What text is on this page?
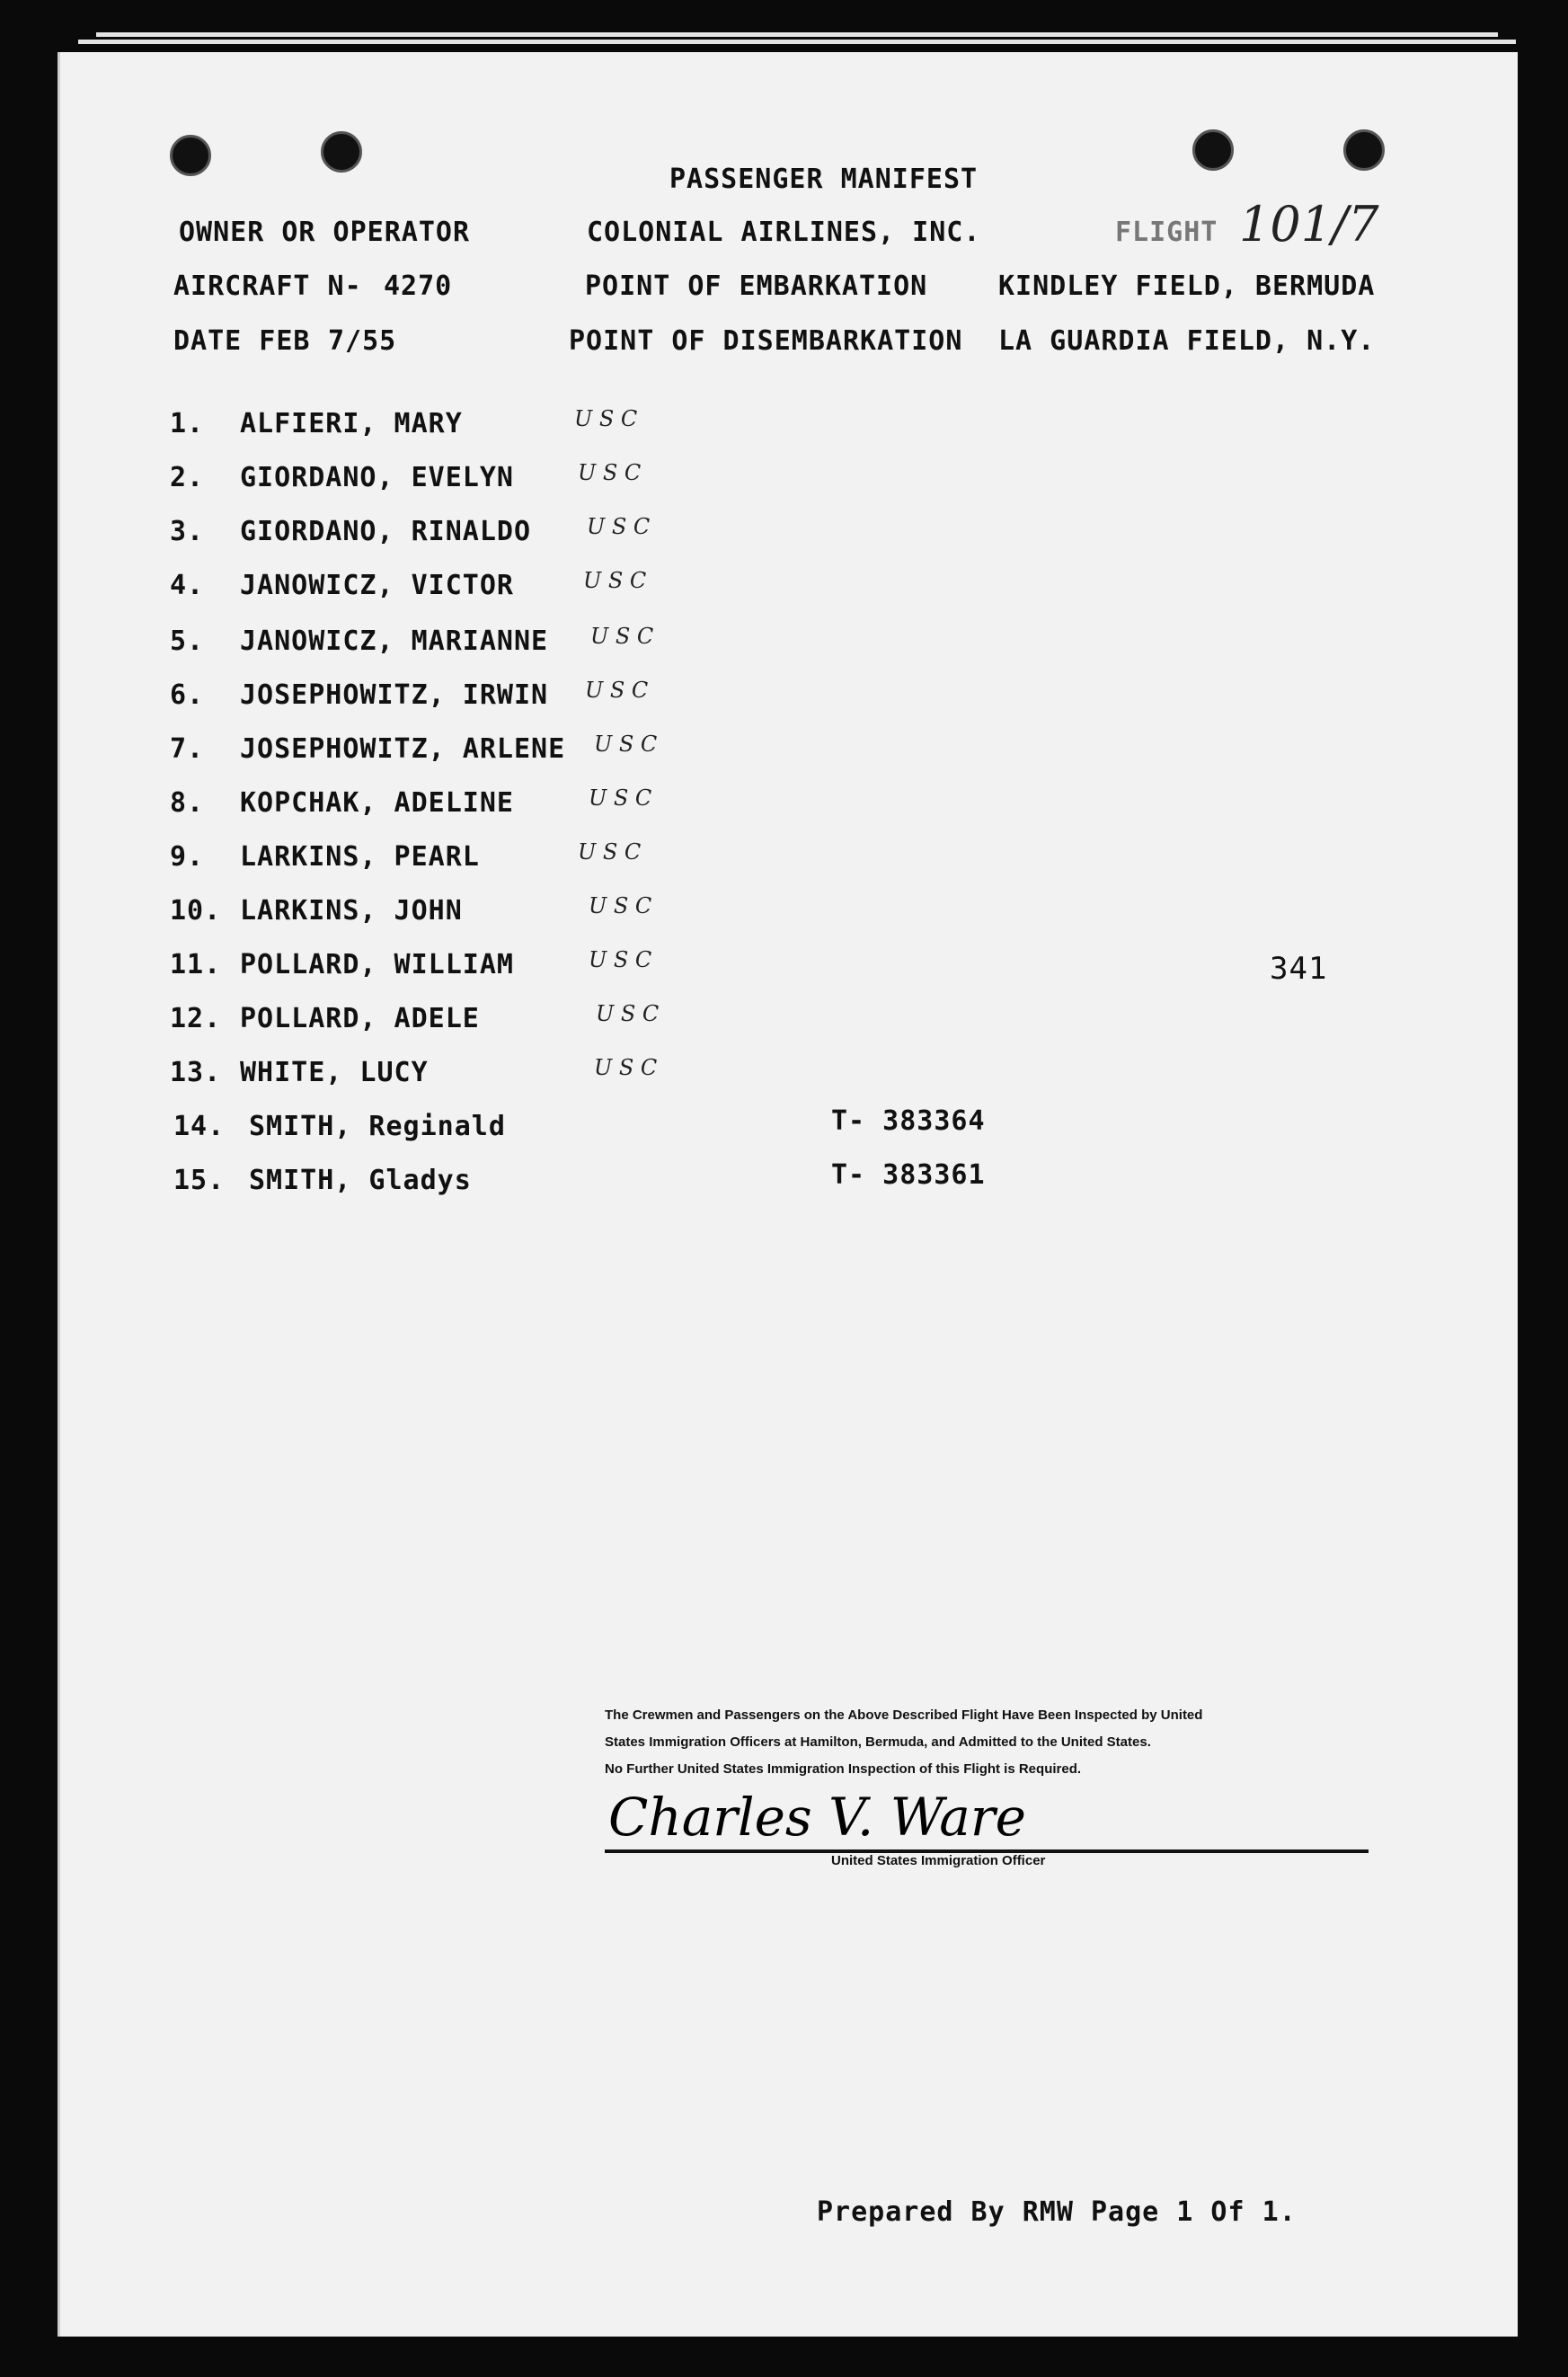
PASSENGER MANIFEST
OWNER OR OPERATOR	COLONIAL AIRLINES, INC.	FLIGHT 101/7
AIRCRAFT N- 4270	POINT OF EMBARKATION	KINDLEY FIELD, BERMUDA
DATE FEB 7/55	POINT OF DISEMBARKATION LA GUARDIA FIELD, N.Y.
1.	ALFIERI, MARY	U S C
2.	GIORDANO, EVELYN	U S C
3.	GIORDANO, RINALDO	U S C
4.	JANOWICZ, VICTOR	U S C
5.	JANOWICZ, MARIANNE U S C
6.	JOSEPHOWITZ, IRWIN U S C
7.	JOSEPHOWITZ, ARLENE U S C
8.	KOPCHAK, ADELINE	U S C
9.	LARKINS, PEARL	U S C
10. LARKINS, JOHN	U S C
11. POLLARD, WILLIAM	U S C
12. POLLARD, ADELE	U S C
13. WHITE, LUCY	U S C
14. SMITH, Reginald	T- 383364
15. SMITH, Gladys	T- 383361
341
The Crewmen and Passengers on the Above Described Flight Have Been Inspected by United
States Immigration Officers at Hamilton, Bermuda, and Admitted to the United States.
No Further United States Immigration Inspection of this Flight is Required.
Charles V. Ware
United States Immigration Officer
Prepared By RMW Page 1 Of 1.
